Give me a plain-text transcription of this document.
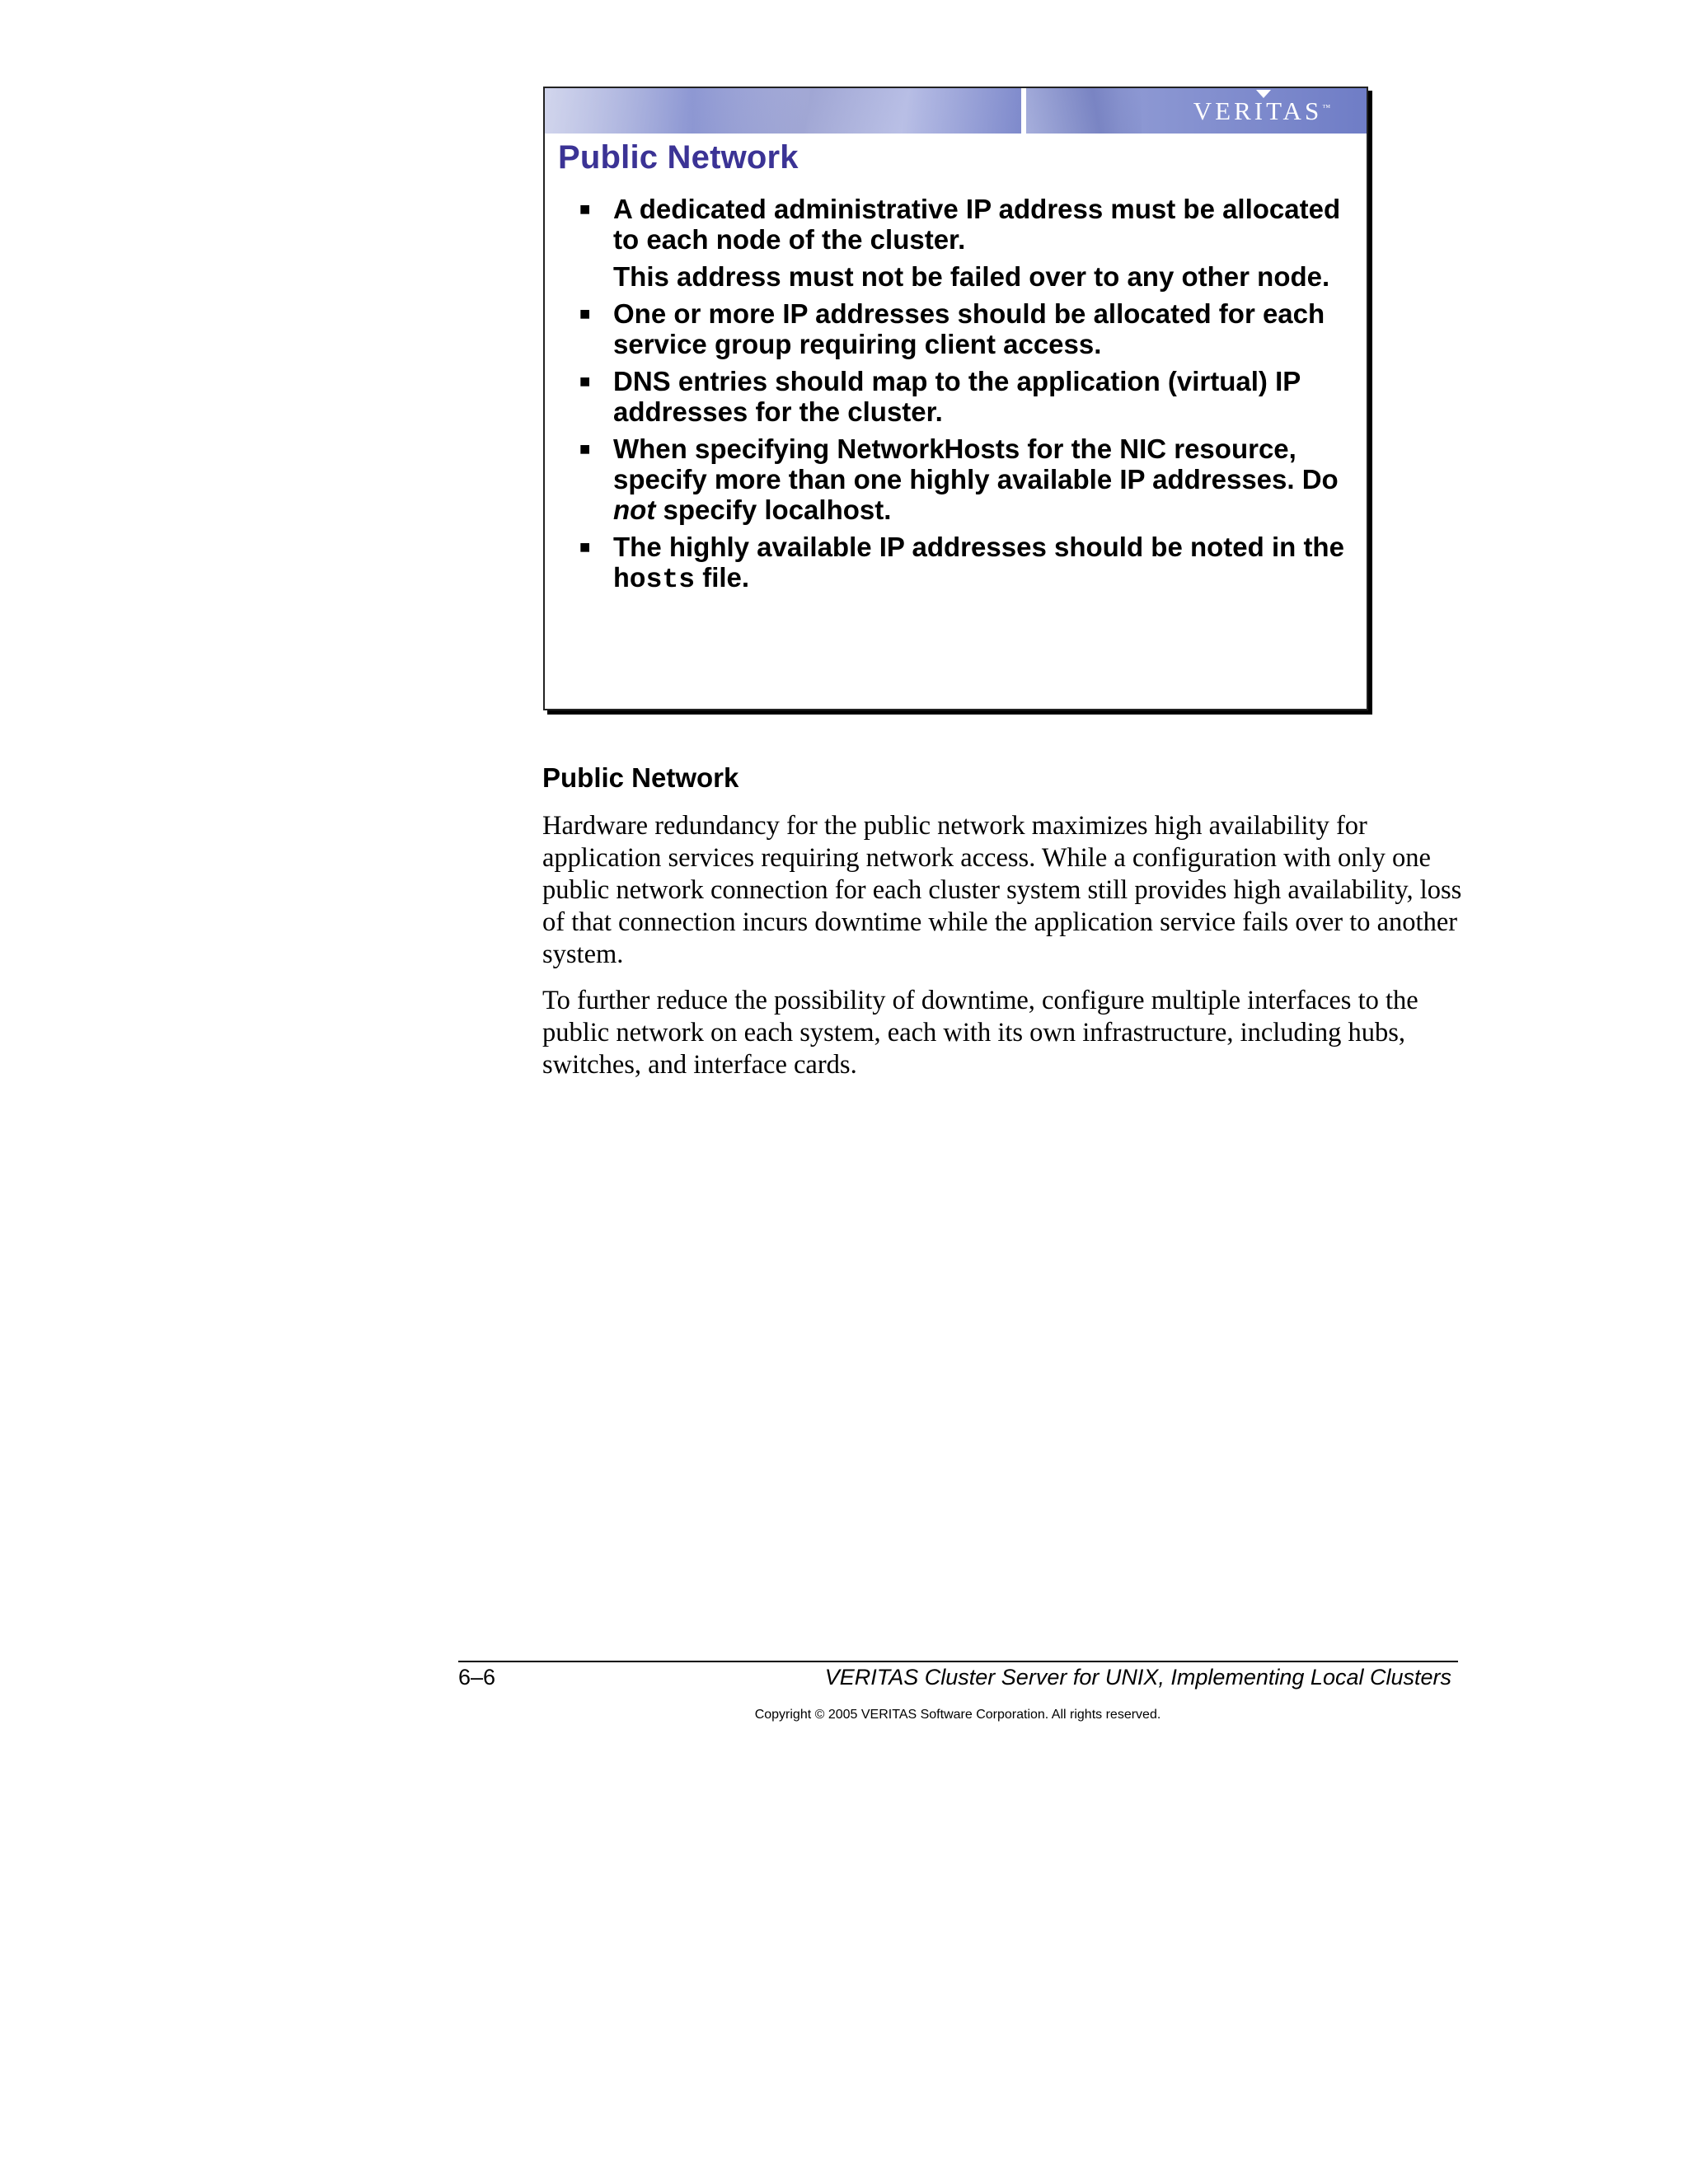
VERITAS™
Public Network
■ A dedicated administrative IP address must be allocated to each node of the cluster.
This address must not be failed over to any other node.
■ One or more IP addresses should be allocated for each service group requiring client access.
■ DNS entries should map to the application (virtual) IP addresses for the cluster.
■ When specifying NetworkHosts for the NIC resource, specify more than one highly available IP addresses. Do not specify localhost.
■ The highly available IP addresses should be noted in the hosts file.
Public Network

Hardware redundancy for the public network maximizes high availability for application services requiring network access. While a configuration with only one public network connection for each cluster system still provides high availability, loss of that connection incurs downtime while the application service fails over to another system.

To further reduce the possibility of downtime, configure multiple interfaces to the public network on each system, each with its own infrastructure, including hubs, switches, and interface cards.

6–6	VERITAS Cluster Server for UNIX, Implementing Local Clusters
Copyright © 2005 VERITAS Software Corporation. All rights reserved.
